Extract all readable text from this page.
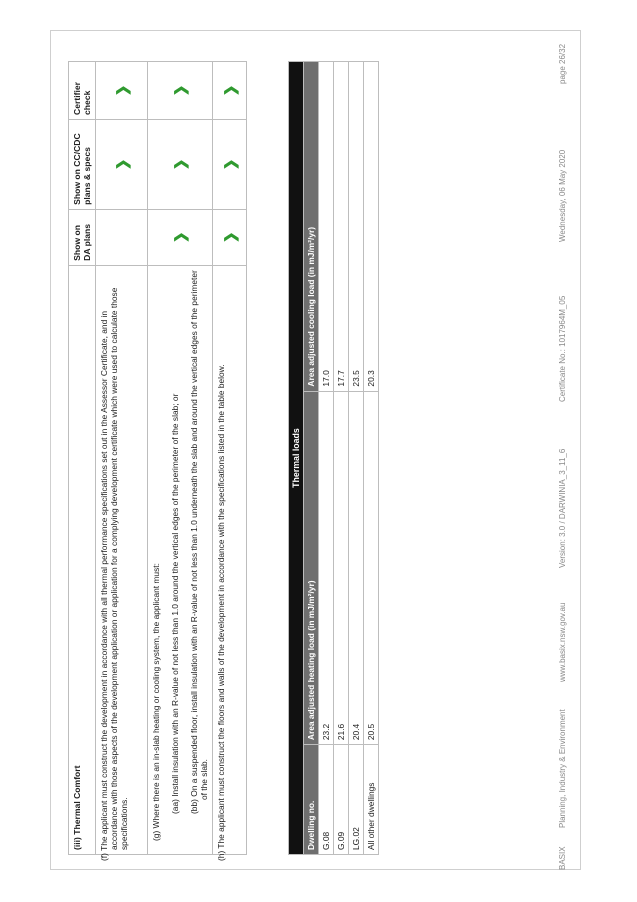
(iii) Thermal Comfort	Show on DA plans	Show on CC/CDC plans & specs	Certifier check
(f) The applicant must construct the development in accordance with all thermal performance specifications set out in the Assessor Certificate, and in accordance with those aspects of the development application or application for a complying development certificate which were used to calculate those specifications.		❯	❯

(g) Where there is an in-slab heating or cooling system, the applicant must: (aa) Install insulation with an R-value of not less than 1.0 around the vertical edges of the perimeter of the slab; or (bb) On a suspended floor, install insulation with an R-value of not less than 1.0 underneath the slab and around the vertical edges of the perimeter of the slab.	❯	❯	❯
(h) The applicant must construct the floors and walls of the development in accordance with the specifications listed in the table below.	❯	❯	❯
Thermal loads		
Dwelling no.	Area adjusted heating load (in mJ/m²/yr)	Area adjusted cooling load (in mJ/m²/yr)
G.08	23.2	17.0
G.09	21.6	17.7
LG.02	20.4	23.5
All other dwellings	20.5	20.3
BASIX
Planning, Industry & Environment
www.basix.nsw.gov.au
Version: 3.0 / DARWINIA_3_11_6
Certificate No.: 1017964M_05
Wednesday, 06 May 2020
page 26/32
